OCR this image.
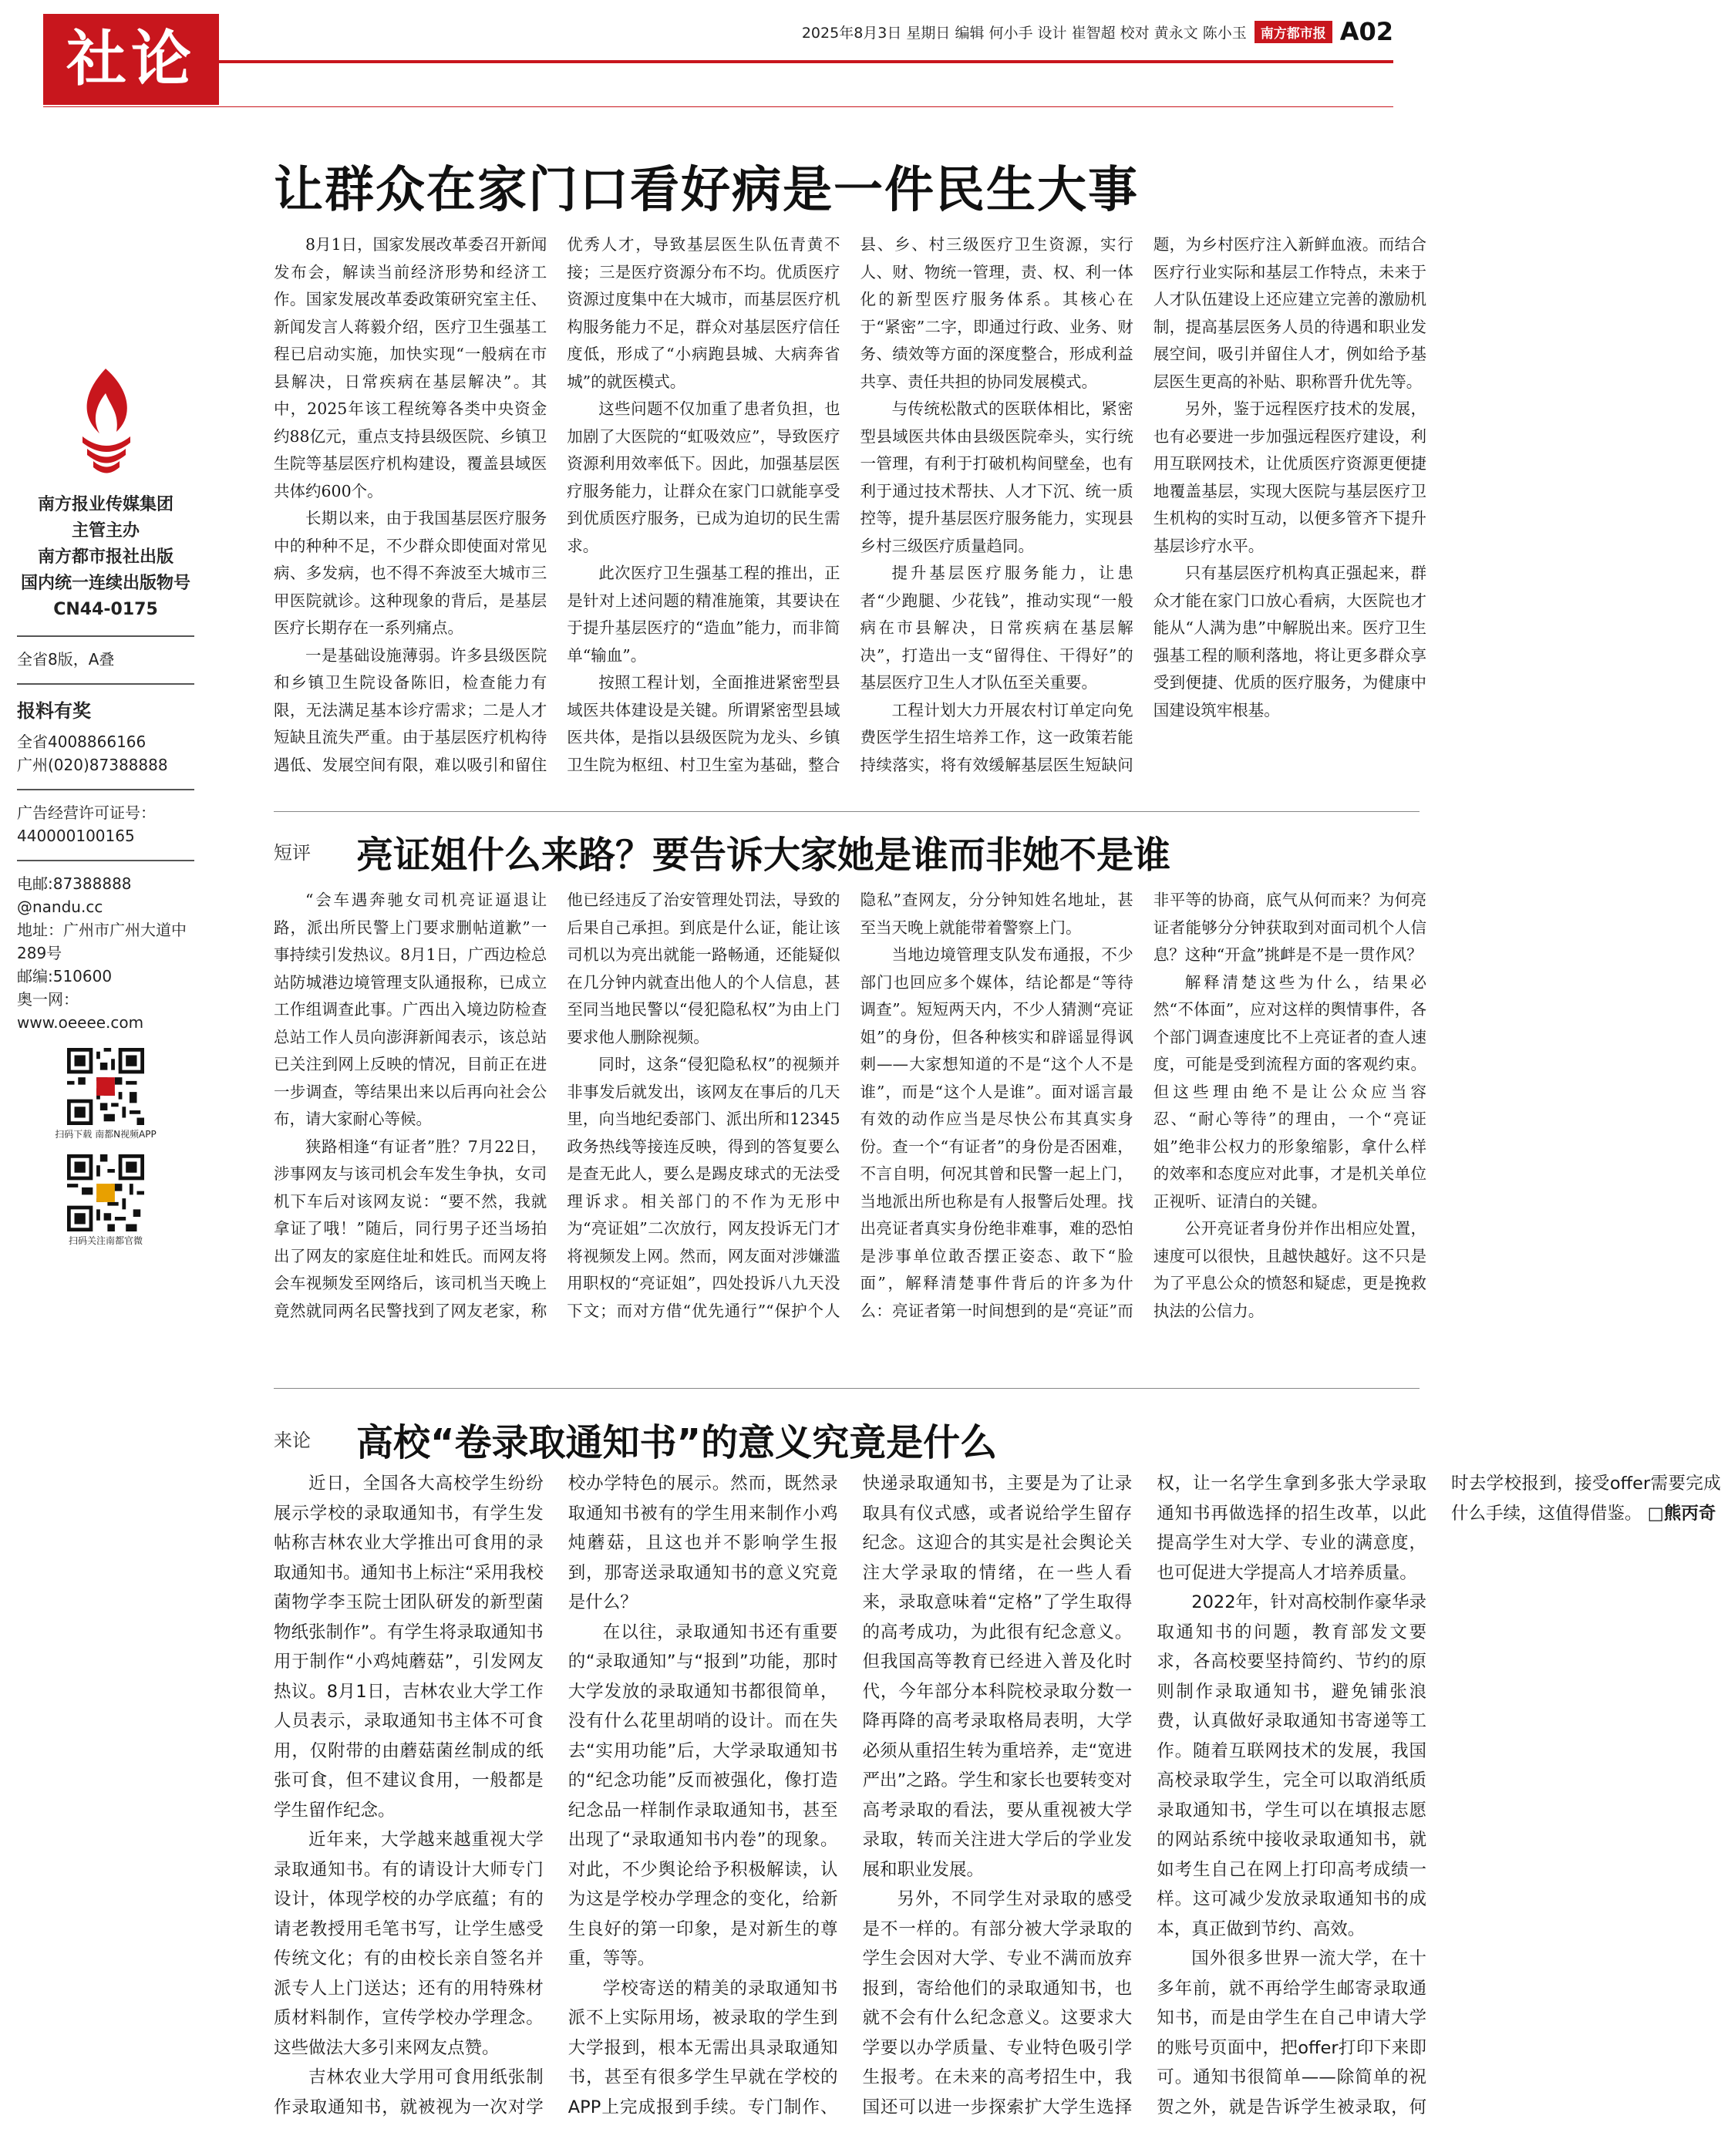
社论	2025年8月3日 星期日 编辑 何小手 设计 崔智超 校对 黄永文 陈小玉	南方都市报 A02
南方报业传媒集团
主管主办
南方都市报社出版
国内统一连续出版物号
CN44-0175
全省8版，A叠
报料有奖
全省4008866166
广州(020)87388888
广告经营许可证号：
440000100165
电邮:87388888
@nandu.cc
地址：广州市广州大道中
289号
邮编:510600
奥一网：
www.oeeee.com
扫码下载 南都N视频APP
扫码关注南都官微
让群众在家门口看好病是一件民生大事

8月1日，国家发展改革委召开新闻发布会，解读当前经济形势和经济工作。国家发展改革委政策研究室主任、新闻发言人蒋毅介绍，医疗卫生强基工程已启动实施，加快实现“一般病在市县解决，日常疾病在基层解决”。其中，2025年该工程统筹各类中央资金约88亿元，重点支持县级医院、乡镇卫生院等基层医疗机构建设，覆盖县域医共体约600个。

长期以来，由于我国基层医疗服务中的种种不足，不少群众即使面对常见病、多发病，也不得不奔波至大城市三甲医院就诊。这种现象的背后，是基层医疗长期存在一系列痛点。

一是基础设施薄弱。许多县级医院和乡镇卫生院设备陈旧，检查能力有限，无法满足基本诊疗需求；二是人才短缺且流失严重。由于基层医疗机构待遇低、发展空间有限，难以吸引和留住优秀人才，导致基层医生队伍青黄不接；三是医疗资源分布不均。优质医疗资源过度集中在大城市，而基层医疗机构服务能力不足，群众对基层医疗信任度低，形成了“小病跑县城、大病奔省城”的就医模式。

这些问题不仅加重了患者负担，也加剧了大医院的“虹吸效应”，导致医疗资源利用效率低下。因此，加强基层医疗服务能力，让群众在家门口就能享受到优质医疗服务，已成为迫切的民生需求。

此次医疗卫生强基工程的推出，正是针对上述问题的精准施策，其要诀在于提升基层医疗的“造血”能力，而非简单“输血”。

按照工程计划，全面推进紧密型县域医共体建设是关键。所谓紧密型县域医共体，是指以县级医院为龙头、乡镇卫生院为枢纽、村卫生室为基础，整合县、乡、村三级医疗卫生资源，实行人、财、物统一管理，责、权、利一体化的新型医疗服务体系。其核心在于“紧密”二字，即通过行政、业务、财务、绩效等方面的深度整合，形成利益共享、责任共担的协同发展模式。

与传统松散式的医联体相比，紧密型县域医共体由县级医院牵头，实行统一管理，有利于打破机构间壁垒，也有利于通过技术帮扶、人才下沉、统一质控等，提升基层医疗服务能力，实现县乡村三级医疗质量趋同。

提升基层医疗服务能力，让患者“少跑腿、少花钱”，推动实现“一般病在市县解决，日常疾病在基层解决”，打造出一支“留得住、干得好”的基层医疗卫生人才队伍至关重要。

工程计划大力开展农村订单定向免费医学生招生培养工作，这一政策若能持续落实，将有效缓解基层医生短缺问题，为乡村医疗注入新鲜血液。而结合医疗行业实际和基层工作特点，未来于人才队伍建设上还应建立完善的激励机制，提高基层医务人员的待遇和职业发展空间，吸引并留住人才，例如给予基层医生更高的补贴、职称晋升优先等。

另外，鉴于远程医疗技术的发展，也有必要进一步加强远程医疗建设，利用互联网技术，让优质医疗资源更便捷地覆盖基层，实现大医院与基层医疗卫生机构的实时互动，以便多管齐下提升基层诊疗水平。

只有基层医疗机构真正强起来，群众才能在家门口放心看病，大医院也才能从“人满为患”中解脱出来。医疗卫生强基工程的顺利落地，将让更多群众享受到便捷、优质的医疗服务，为健康中国建设筑牢根基。

短评 亮证姐什么来路？要告诉大家她是谁而非她不是谁

“会车遇奔驰女司机亮证逼退让路，派出所民警上门要求删帖道歉”一事持续引发热议。8月1日，广西边检总站防城港边境管理支队通报称，已成立工作组调查此事。广西出入境边防检查总站工作人员向澎湃新闻表示，该总站已关注到网上反映的情况，目前正在进一步调查，等结果出来以后再向社会公布，请大家耐心等候。

狭路相逢“有证者”胜？7月22日，涉事网友与该司机会车发生争执，女司机下车后对该网友说：“要不然，我就拿证了哦！”随后，同行男子还当场拍出了网友的家庭住址和姓氏。而网友将会车视频发至网络后，该司机当天晚上竟然就同两名民警找到了网友老家，称他已经违反了治安管理处罚法，导致的后果自己承担。到底是什么证，能让该司机以为亮出就能一路畅通，还能疑似在几分钟内就查出他人的个人信息，甚至同当地民警以“侵犯隐私权”为由上门要求他人删除视频。

同时，这条“侵犯隐私权”的视频并非事发后就发出，该网友在事后的几天里，向当地纪委部门、派出所和12345政务热线等接连反映，得到的答复要么是查无此人，要么是踢皮球式的无法受理诉求。相关部门的不作为无形中为“亮证姐”二次放行，网友投诉无门才将视频发上网。然而，网友面对涉嫌滥用职权的“亮证姐”，四处投诉八九天没下文；而对方借“优先通行”“保护个人隐私”查网友，分分钟知姓名地址，甚至当天晚上就能带着警察上门。

当地边境管理支队发布通报，不少部门也回应多个媒体，结论都是“等待调查”。短短两天内，不少人猜测“亮证姐”的身份，但各种核实和辟谣显得讽刺——大家想知道的不是“这个人不是谁”，而是“这个人是谁”。面对谣言最有效的动作应当是尽快公布其真实身份。查一个“有证者”的身份是否困难，不言自明，何况其曾和民警一起上门，当地派出所也称是有人报警后处理。找出亮证者真实身份绝非难事，难的恐怕是涉事单位敢否摆正姿态、敢下“脸面”，解释清楚事件背后的许多为什么：亮证者第一时间想到的是“亮证”而非平等的协商，底气从何而来？为何亮证者能够分分钟获取到对面司机个人信息？这种“开盒”挑衅是不是一贯作风？

解释清楚这些为什么，结果必然“不体面”，应对这样的舆情事件，各个部门调查速度比不上亮证者的查人速度，可能是受到流程方面的客观约束。但这些理由绝不是让公众应当容忍、“耐心等待”的理由，一个“亮证姐”绝非公权力的形象缩影，拿什么样的效率和态度应对此事，才是机关单位正视听、证清白的关键。

公开亮证者身份并作出相应处置，速度可以很快，且越快越好。这不只是为了平息公众的愤怒和疑虑，更是挽救执法的公信力。

来论 高校“卷录取通知书”的意义究竟是什么

近日，全国各大高校学生纷纷展示学校的录取通知书，有学生发帖称吉林农业大学推出可食用的录取通知书。通知书上标注“采用我校菌物学李玉院士团队研发的新型菌物纸张制作”。有学生将录取通知书用于制作“小鸡炖蘑菇”，引发网友热议。8月1日，吉林农业大学工作人员表示，录取通知书主体不可食用，仅附带的由蘑菇菌丝制成的纸张可食，但不建议食用，一般都是学生留作纪念。

近年来，大学越来越重视大学录取通知书。有的请设计大师专门设计，体现学校的办学底蕴；有的请老教授用毛笔书写，让学生感受传统文化；有的由校长亲自签名并派专人上门送达；还有的用特殊材质材料制作，宣传学校办学理念。这些做法大多引来网友点赞。

吉林农业大学用可食用纸张制作录取通知书，就被视为一次对学校办学特色的展示。然而，既然录取通知书被有的学生用来制作小鸡炖蘑菇，且这也并不影响学生报到，那寄送录取通知书的意义究竟是什么？

在以往，录取通知书还有重要的“录取通知”与“报到”功能，那时大学发放的录取通知书都很简单，没有什么花里胡哨的设计。而在失去“实用功能”后，大学录取通知书的“纪念功能”反而被强化，像打造纪念品一样制作录取通知书，甚至出现了“录取通知书内卷”的现象。对此，不少舆论给予积极解读，认为这是学校办学理念的变化，给新生良好的第一印象，是对新生的尊重，等等。

学校寄送的精美的录取通知书派不上实际用场，被录取的学生到大学报到，根本无需出具录取通知书，甚至有很多学生早就在学校的APP上完成报到手续。专门制作、快递录取通知书，主要是为了让录取具有仪式感，或者说给学生留存纪念。这迎合的其实是社会舆论关注大学录取的情绪，在一些人看来，录取意味着“定格”了学生取得的高考成功，为此很有纪念意义。但我国高等教育已经进入普及化时代，今年部分本科院校录取分数一降再降的高考录取格局表明，大学必须从重招生转为重培养，走“宽进严出”之路。学生和家长也要转变对高考录取的看法，要从重视被大学录取，转而关注进大学后的学业发展和职业发展。

另外，不同学生对录取的感受是不一样的。有部分被大学录取的学生会因对大学、专业不满而放弃报到，寄给他们的录取通知书，也就不会有什么纪念意义。这要求大学要以办学质量、专业特色吸引学生报考。在未来的高考招生中，我国还可以进一步探索扩大学生选择权，让一名学生拿到多张大学录取通知书再做选择的招生改革，以此提高学生对大学、专业的满意度，也可促进大学提高人才培养质量。

2022年，针对高校制作豪华录取通知书的问题，教育部发文要求，各高校要坚持简约、节约的原则制作录取通知书，避免铺张浪费，认真做好录取通知书寄递等工作。随着互联网技术的发展，我国高校录取学生，完全可以取消纸质录取通知书，学生可以在填报志愿的网站系统中接收录取通知书，就如考生自己在网上打印高考成绩一样。这可减少发放录取通知书的成本，真正做到节约、高效。

国外很多世界一流大学，在十多年前，就不再给学生邮寄录取通知书，而是由学生在自己申请大学的账号页面中，把offer打印下来即可。通知书很简单——除简单的祝贺之外，就是告诉学生被录取，何时去学校报到，接受offer需要完成什么手续，这值得借鉴。 □熊丙奇
